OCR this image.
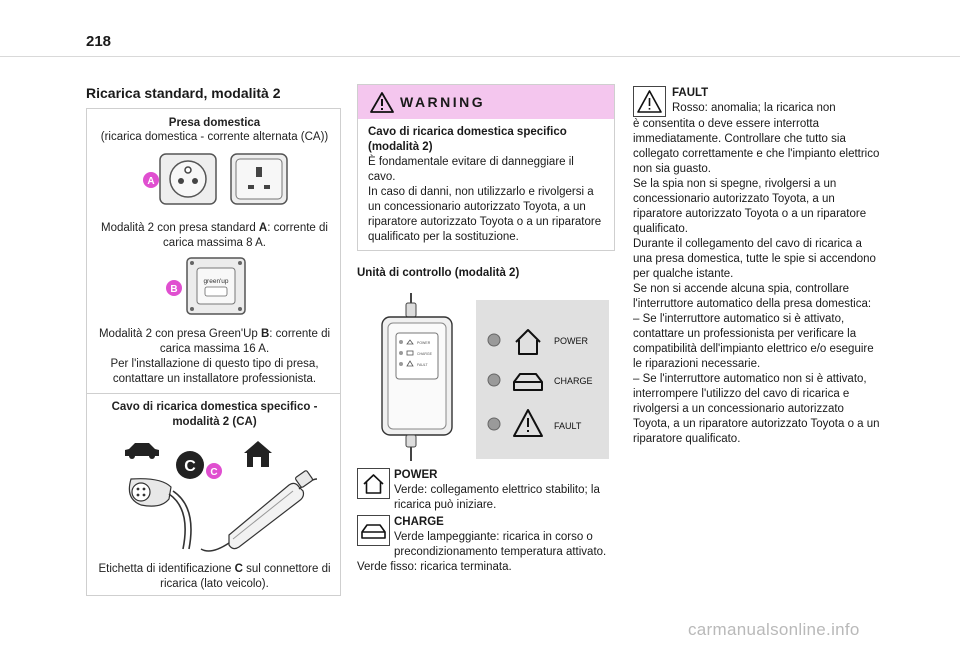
218
Ricarica standard, modalità 2
Presa domestica
(ricarica domestica - corrente alternata (CA))
A
Modalità 2 con presa standard A: corrente di
carica massima 8 A.
B
green'up
Modalità 2 con presa Green'Up B: corrente di
carica massima 16 A.
Per l'installazione di questo tipo di presa,
contattare un installatore professionista.
Cavo di ricarica domestica specifico -
modalità 2 (CA)
C C
Etichetta di identificazione C sul connettore di
ricarica (lato veicolo).
WARNING
Cavo di ricarica domestica specifico
(modalità 2)
È fondamentale evitare di danneggiare il
cavo.
In caso di danni, non utilizzarlo e rivolgersi a
un concessionario autorizzato Toyota, a un
riparatore autorizzato Toyota o a un riparatore
qualificato per la sostituzione.
Unità di controllo (modalità 2)
POWER
CHARGE
FAULT
POWER
CHARGE
FAULT
POWER
Verde: collegamento elettrico stabilito; la
ricarica può iniziare.
CHARGE
Verde lampeggiante: ricarica in corso o
precondizionamento temperatura attivato.
Verde fisso: ricarica terminata.
FAULT
Rosso: anomalia; la ricarica non
è consentita o deve essere interrotta
immediatamente. Controllare che tutto sia
collegato correttamente e che l'impianto elettrico
non sia guasto.
Se la spia non si spegne, rivolgersi a un
concessionario autorizzato Toyota, a un
riparatore autorizzato Toyota o a un riparatore
qualificato.
Durante il collegamento del cavo di ricarica a
una presa domestica, tutte le spie si accendono
per qualche istante.
Se non si accende alcuna spia, controllare
l'interruttore automatico della presa domestica:
– Se l'interruttore automatico si è attivato,
contattare un professionista per verificare la
compatibilità dell'impianto elettrico e/o eseguire
le riparazioni necessarie.
– Se l'interruttore automatico non si è attivato,
interrompere l'utilizzo del cavo di ricarica e
rivolgersi a un concessionario autorizzato
Toyota, a un riparatore autorizzato Toyota o a un
riparatore qualificato.
carmanualsonline.info
